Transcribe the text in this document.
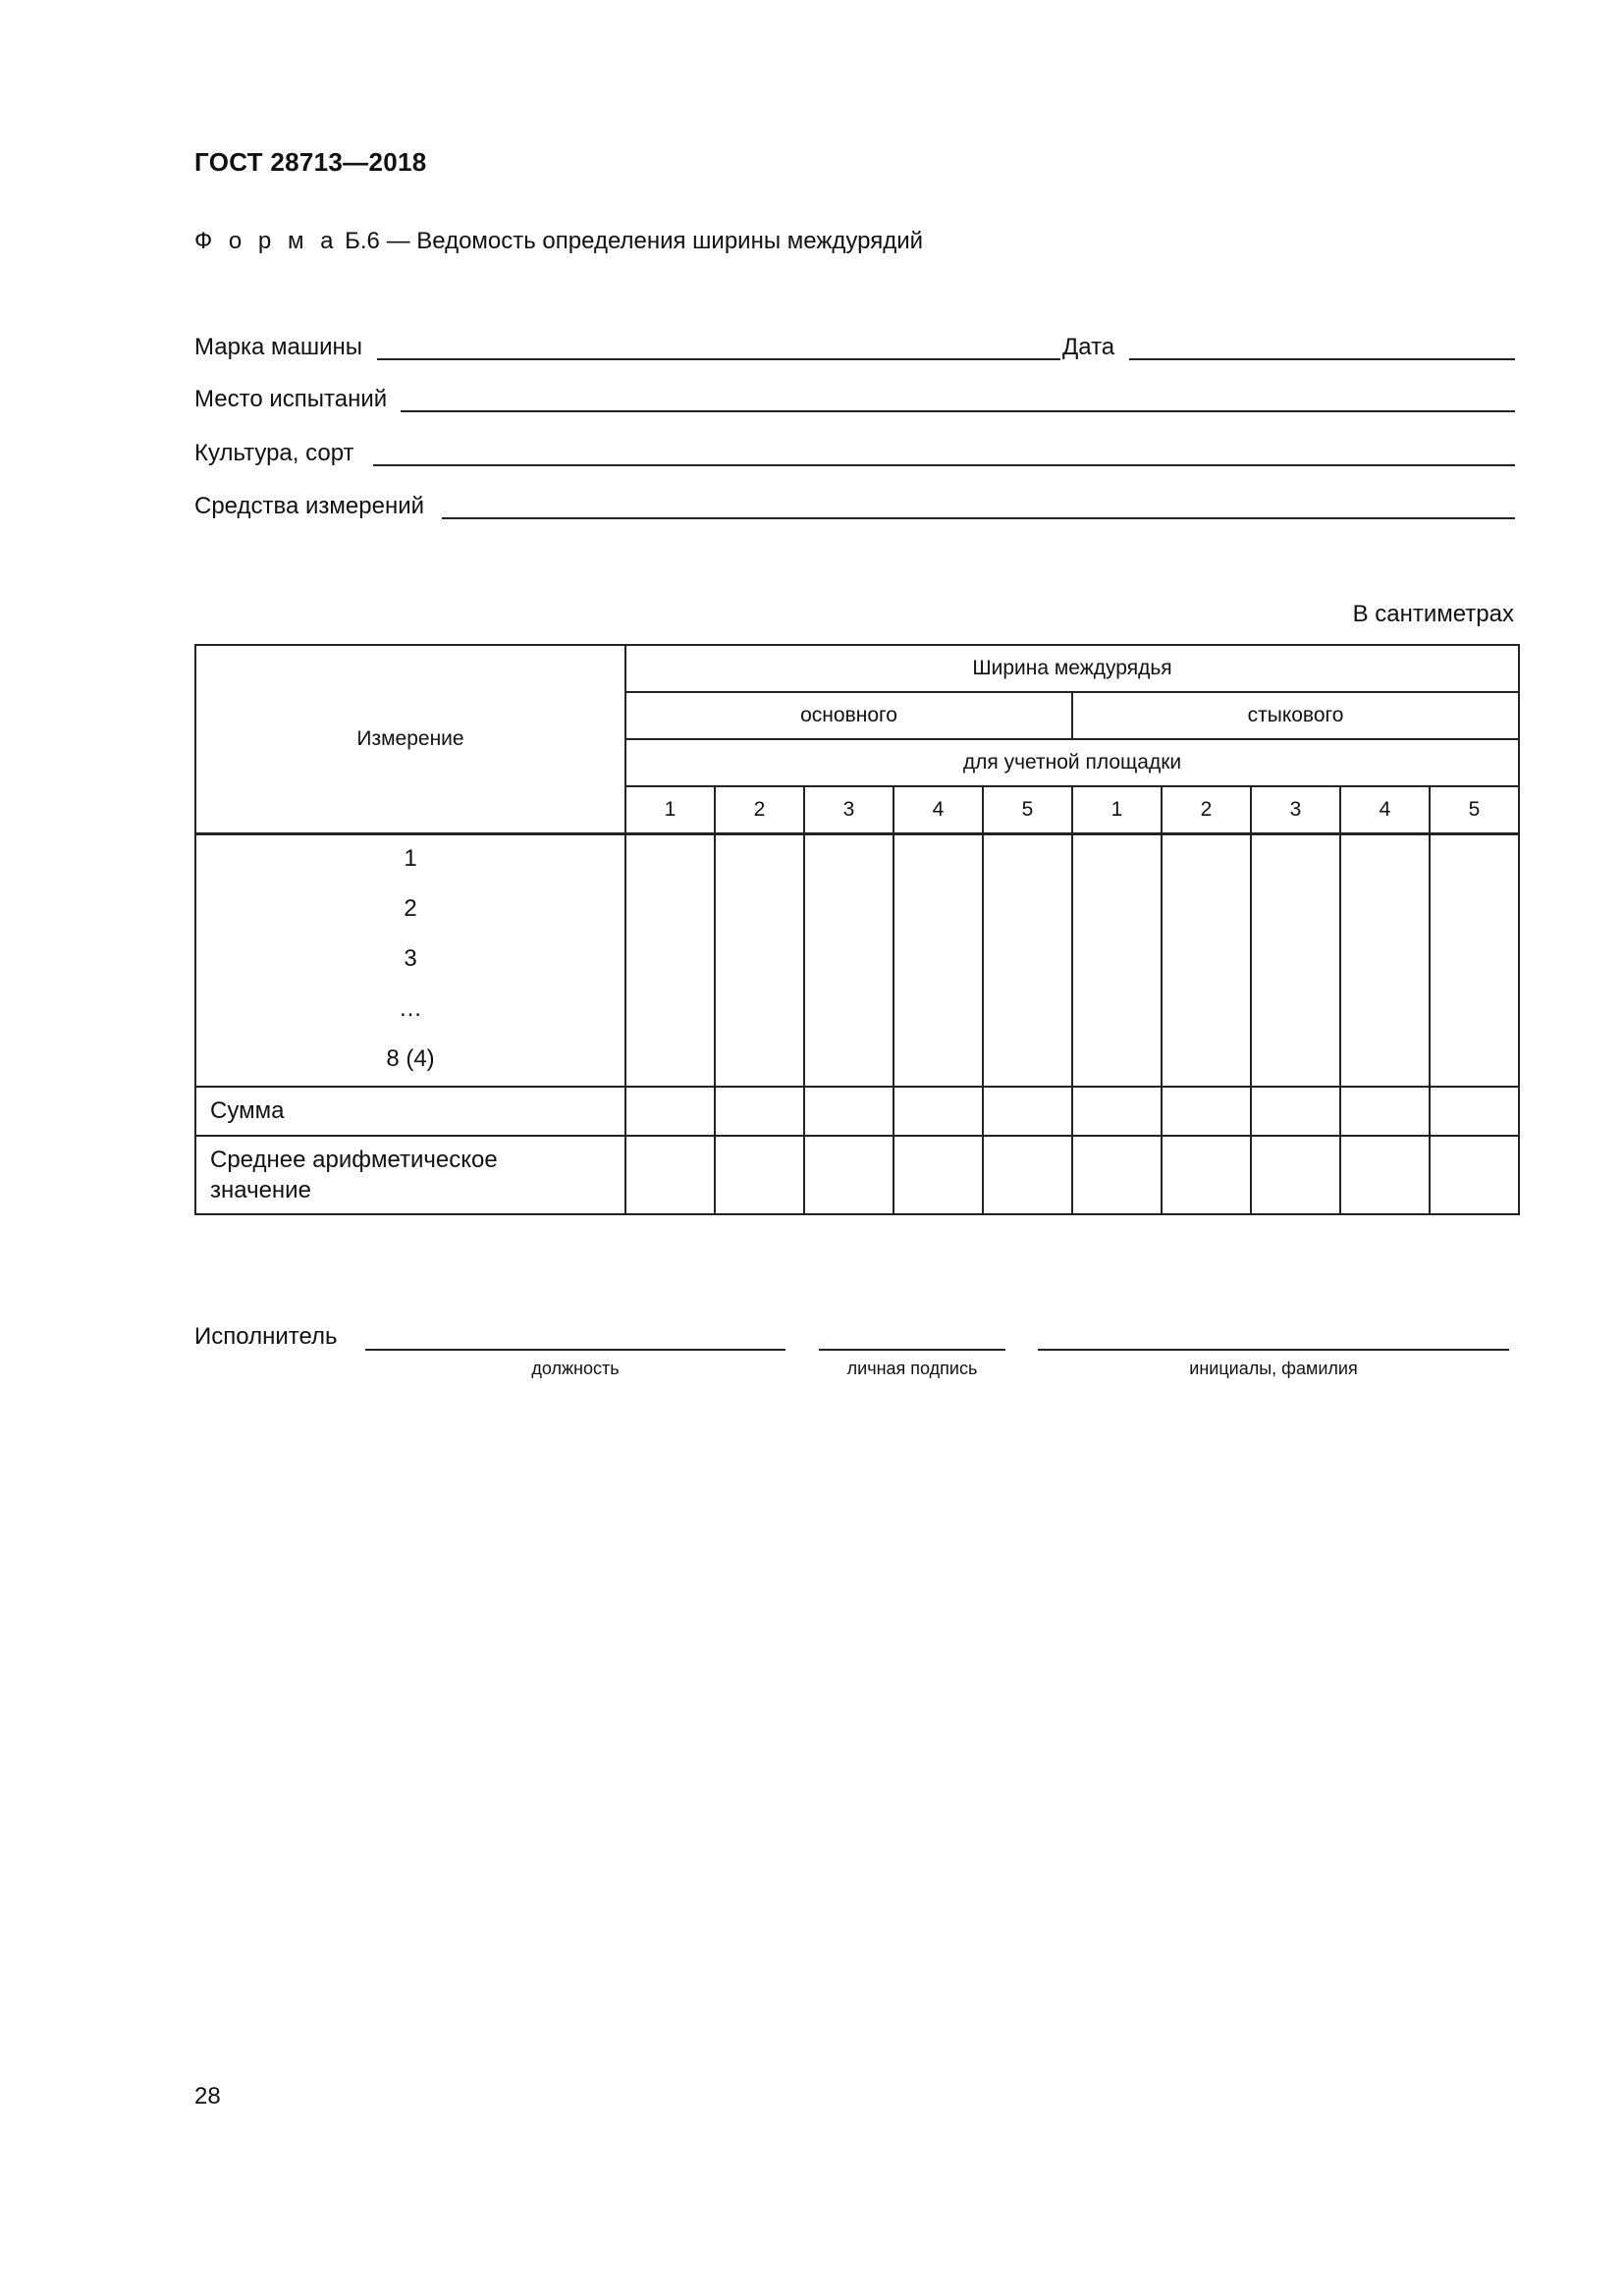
ГОСТ 28713—2018
Ф о р м а Б.6 — Ведомость определения ширины междурядий
Марка машины	Дата
Место испытаний
Культура, сорт
Средства измерений
В сантиметрах
Измерение	Ширина междурядья									
	основного					стыкового				
	для учетной площадки									
	1	2	3	4	5	1	2	3	4	5

1
2
3
…
8 (4)										

Сумма										
Среднее арифметическое значение										
Исполнитель
должность	личная подпись	инициалы, фамилия
28
